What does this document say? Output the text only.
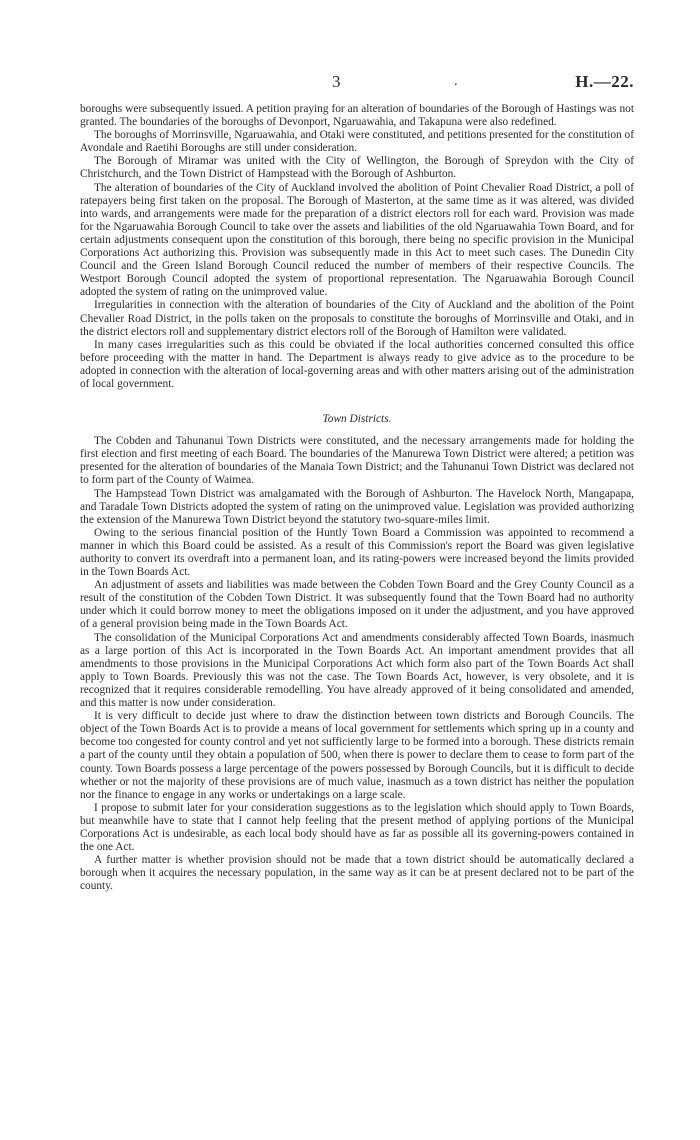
3	.	H.—22.

boroughs were subsequently issued. A petition praying for an alteration of boundaries of the Borough of Hastings was not granted. The boundaries of the boroughs of Devonport, Ngaruawahia, and Takapuna were also redefined.

The boroughs of Morrinsville, Ngaruawahia, and Otaki were constituted, and petitions presented for the constitution of Avondale and Raetihi Boroughs are still under consideration.

The Borough of Miramar was united with the City of Wellington, the Borough of Spreydon with the City of Christchurch, and the Town District of Hampstead with the Borough of Ashburton.

The alteration of boundaries of the City of Auckland involved the abolition of Point Chevalier Road District, a poll of ratepayers being first taken on the proposal. The Borough of Masterton, at the same time as it was altered, was divided into wards, and arrangements were made for the preparation of a district electors roll for each ward. Provision was made for the Ngaruawahia Borough Council to take over the assets and liabilities of the old Ngaruawahia Town Board, and for certain adjustments consequent upon the constitution of this borough, there being no specific provision in the Municipal Corporations Act authorizing this. Provision was subsequently made in this Act to meet such cases. The Dunedin City Council and the Green Island Borough Council reduced the number of members of their respective Councils. The Westport Borough Council adopted the system of proportional representation. The Ngaruawahia Borough Council adopted the system of rating on the unimproved value.

Irregularities in connection with the alteration of boundaries of the City of Auckland and the abolition of the Point Chevalier Road District, in the polls taken on the proposals to constitute the boroughs of Morrinsville and Otaki, and in the district electors roll and supplementary district electors roll of the Borough of Hamilton were validated.

In many cases irregularities such as this could be obviated if the local authorities concerned consulted this office before proceeding with the matter in hand. The Department is always ready to give advice as to the procedure to be adopted in connection with the alteration of local-governing areas and with other matters arising out of the administration of local government.

Town Districts.

The Cobden and Tahunanui Town Districts were constituted, and the necessary arrangements made for holding the first election and first meeting of each Board. The boundaries of the Manurewa Town District were altered; a petition was presented for the alteration of boundaries of the Manaia Town District; and the Tahunanui Town District was declared not to form part of the County of Waimea.

The Hampstead Town District was amalgamated with the Borough of Ashburton. The Havelock North, Mangapapa, and Taradale Town Districts adopted the system of rating on the unimproved value. Legislation was provided authorizing the extension of the Manurewa Town District beyond the statutory two-square-miles limit.

Owing to the serious financial position of the Huntly Town Board a Commission was appointed to recommend a manner in which this Board could be assisted. As a result of this Commission's report the Board was given legislative authority to convert its overdraft into a permanent loan, and its rating-powers were increased beyond the limits provided in the Town Boards Act.

An adjustment of assets and liabilities was made between the Cobden Town Board and the Grey County Council as a result of the constitution of the Cobden Town District. It was subsequently found that the Town Board had no authority under which it could borrow money to meet the obligations imposed on it under the adjustment, and you have approved of a general provision being made in the Town Boards Act.

The consolidation of the Municipal Corporations Act and amendments considerably affected Town Boards, inasmuch as a large portion of this Act is incorporated in the Town Boards Act. An important amendment provides that all amendments to those provisions in the Municipal Corporations Act which form also part of the Town Boards Act shall apply to Town Boards. Previously this was not the case. The Town Boards Act, however, is very obsolete, and it is recognized that it requires considerable remodelling. You have already approved of it being consolidated and amended, and this matter is now under consideration.

It is very difficult to decide just where to draw the distinction between town districts and Borough Councils. The object of the Town Boards Act is to provide a means of local government for settlements which spring up in a county and become too congested for county control and yet not sufficiently large to be formed into a borough. These districts remain a part of the county until they obtain a population of 500, when there is power to declare them to cease to form part of the county. Town Boards possess a large percentage of the powers possessed by Borough Councils, but it is difficult to decide whether or not the majority of these provisions are of much value, inasmuch as a town district has neither the population nor the finance to engage in any works or undertakings on a large scale.

I propose to submit later for your consideration suggestions as to the legislation which should apply to Town Boards, but meanwhile have to state that I cannot help feeling that the present method of applying portions of the Municipal Corporations Act is undesirable, as each local body should have as far as possible all its governing-powers contained in the one Act.

A further matter is whether provision should not be made that a town district should be automatically declared a borough when it acquires the necessary population, in the same way as it can be at present declared not to be part of the county.
